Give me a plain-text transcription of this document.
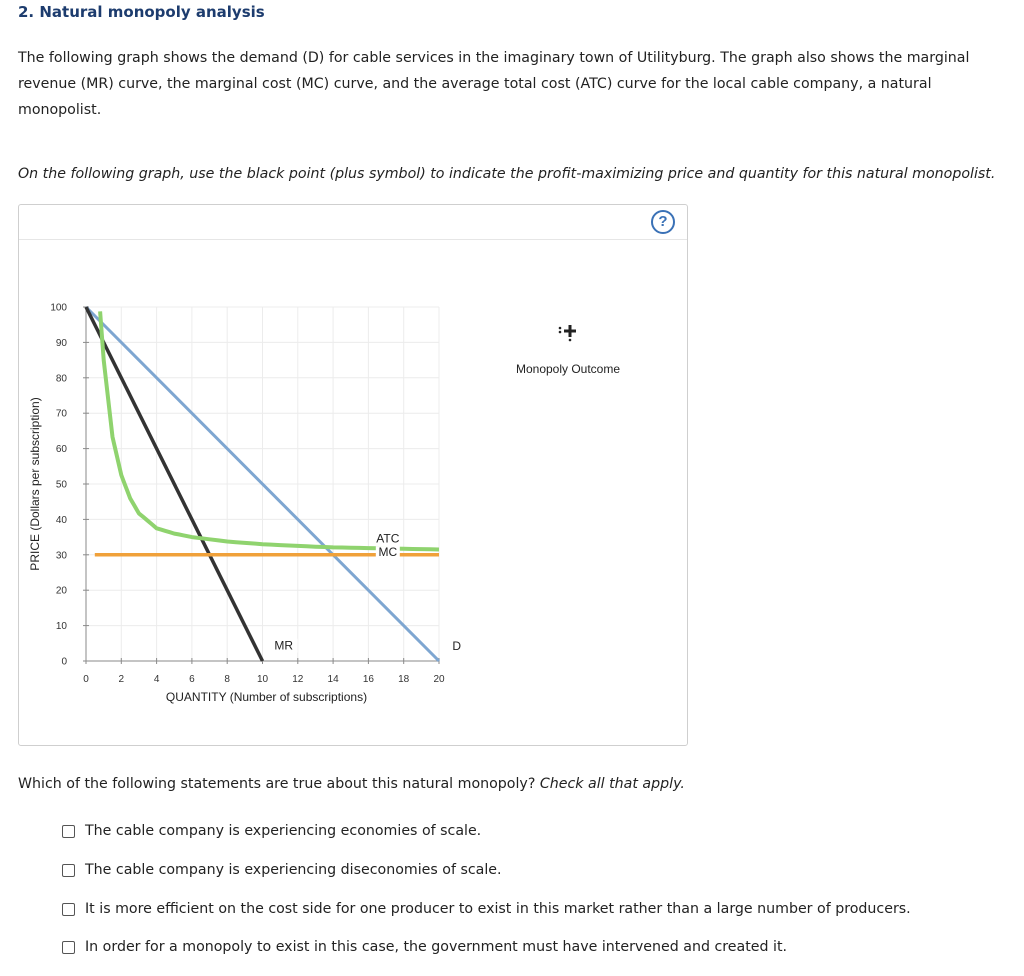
2. Natural monopoly analysis
The following graph shows the demand (D) for cable services in the imaginary town of Utilityburg. The graph also shows the marginal revenue (MR) curve, the marginal cost (MC) curve, and the average total cost (ATC) curve for the local cable company, a natural monopolist.
On the following graph, use the black point (plus symbol) to indicate the profit-maximizing price and quantity for this natural monopolist.
?
0
10
20
30
40
50
60
70
80
90
100
0	2	4	6	8	10 12 14 16 18 20
QUANTITY (Number of subscriptions)
PRICE (Dollars per subscription)
MR	D
ATC
MC
Monopoly Outcome
Which of the following statements are true about this natural monopoly? Check all that apply.
The cable company is experiencing economies of scale.
The cable company is experiencing diseconomies of scale.
It is more efficient on the cost side for one producer to exist in this market rather than a large number of producers.
In order for a monopoly to exist in this case, the government must have intervened and created it.
